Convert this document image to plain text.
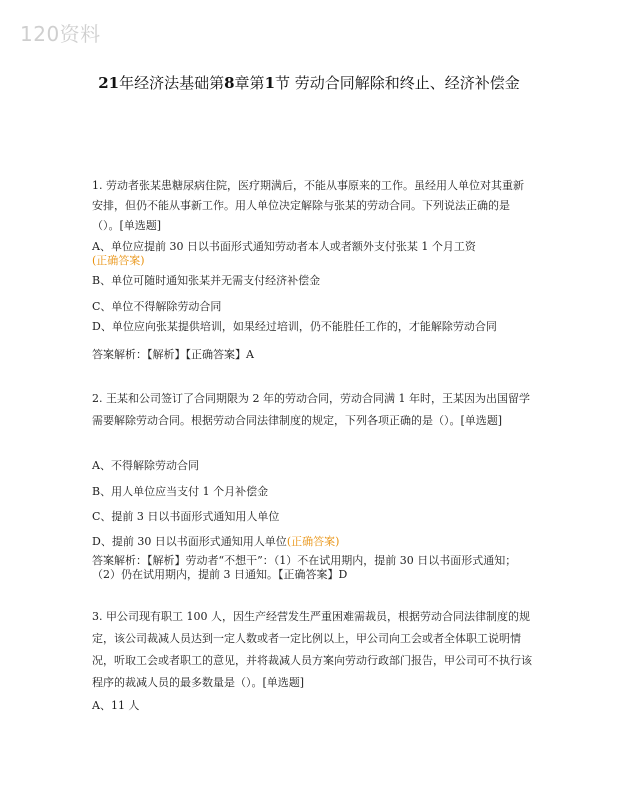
120资料
21年经济法基础第8章第1节 劳动合同解除和终止、经济补偿金
1. 劳动者张某患糖尿病住院，医疗期满后，不能从事原来的工作。虽经用人单位对其重新安排，但仍不能从事新工作。用人单位决定解除与张某的劳动合同。下列说法正确的是（）。[单选题]
A、单位应提前 30 日以书面形式通知劳动者本人或者额外支付张某 1 个月工资
(正确答案)
B、单位可随时通知张某并无需支付经济补偿金
C、单位不得解除劳动合同
D、单位应向张某提供培训，如果经过培训，仍不能胜任工作的，才能解除劳动合同
答案解析：【解析】【正确答案】A
2. 王某和公司签订了合同期限为 2 年的劳动合同，劳动合同满 1 年时，王某因为出国留学需要解除劳动合同。根据劳动合同法律制度的规定，下列各项正确的是（）。[单选题]
A、不得解除劳动合同
B、用人单位应当支付 1 个月补偿金
C、提前 3 日以书面形式通知用人单位
D、提前 30 日以书面形式通知用人单位(正确答案)
答案解析：【解析】劳动者“不想干”：（1）不在试用期内，提前 30 日以书面形式通知；（2）仍在试用期内，提前 3 日通知。【正确答案】D
3. 甲公司现有职工 100 人，因生产经营发生严重困难需裁员，根据劳动合同法律制度的规定，该公司裁减人员达到一定人数或者一定比例以上，甲公司向工会或者全体职工说明情况，听取工会或者职工的意见，并将裁减人员方案向劳动行政部门报告，甲公司可不执行该程序的裁减人员的最多数量是（）。[单选题]
A、11 人
